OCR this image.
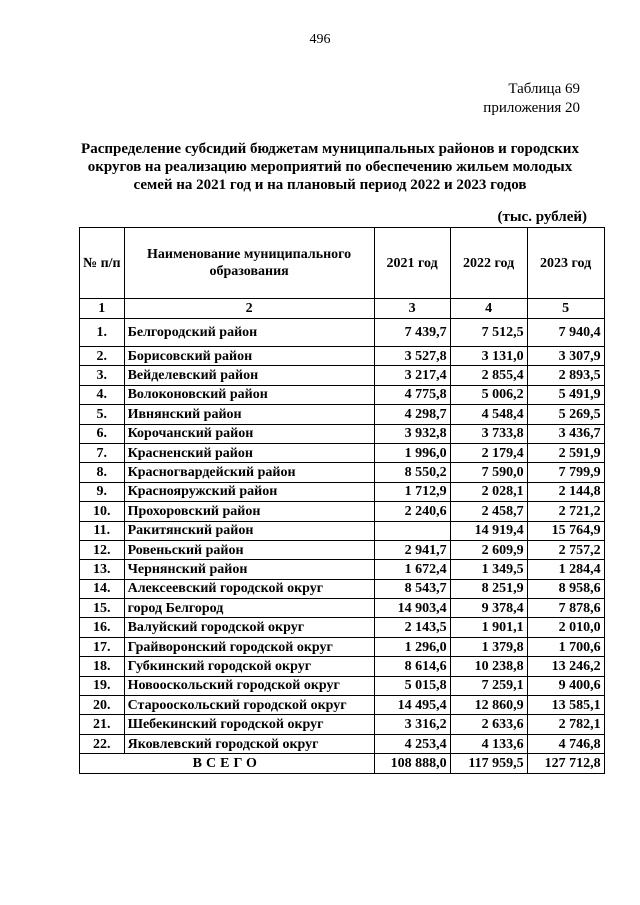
496
Таблица 69
приложения 20
Распределение субсидий бюджетам муниципальных районов и городских округов на реализацию мероприятий по обеспечению жильем молодых семей на 2021 год и на плановый период 2022 и 2023 годов
(тыс. рублей)
№ п/п	Наименование муниципального образования	2021 год	2022 год	2023 год
1	2	3	4	5
1.	Белгородский район	7 439,7	7 512,5	7 940,4
2.	Борисовский район	3 527,8	3 131,0	3 307,9
3.	Вейделевский район	3 217,4	2 855,4	2 893,5
4.	Волоконовский район	4 775,8	5 006,2	5 491,9
5.	Ивнянский район	4 298,7	4 548,4	5 269,5
6.	Корочанский район	3 932,8	3 733,8	3 436,7
7.	Красненский район	1 996,0	2 179,4	2 591,9
8.	Красногвардейский район	8 550,2	7 590,0	7 799,9
9.	Краснояружский район	1 712,9	2 028,1	2 144,8
10.	Прохоровский район	2 240,6	2 458,7	2 721,2
11.	Ракитянский район		14 919,4	15 764,9
12.	Ровеньский район	2 941,7	2 609,9	2 757,2
13.	Чернянский район	1 672,4	1 349,5	1 284,4
14.	Алексеевский городской округ	8 543,7	8 251,9	8 958,6
15.	город Белгород	14 903,4	9 378,4	7 878,6
16.	Валуйский городской округ	2 143,5	1 901,1	2 010,0
17.	Грайворонский городской округ	1 296,0	1 379,8	1 700,6
18.	Губкинский городской округ	8 614,6	10 238,8	13 246,2
19.	Новооскольский городской округ	5 015,8	7 259,1	9 400,6
20.	Старооскольский городской округ	14 495,4	12 860,9	13 585,1
21.	Шебекинский городской округ	3 316,2	2 633,6	2 782,1
22.	Яковлевский городской округ	4 253,4	4 133,6	4 746,8
ВСЕГО		108 888,0	117 959,5	127 712,8
